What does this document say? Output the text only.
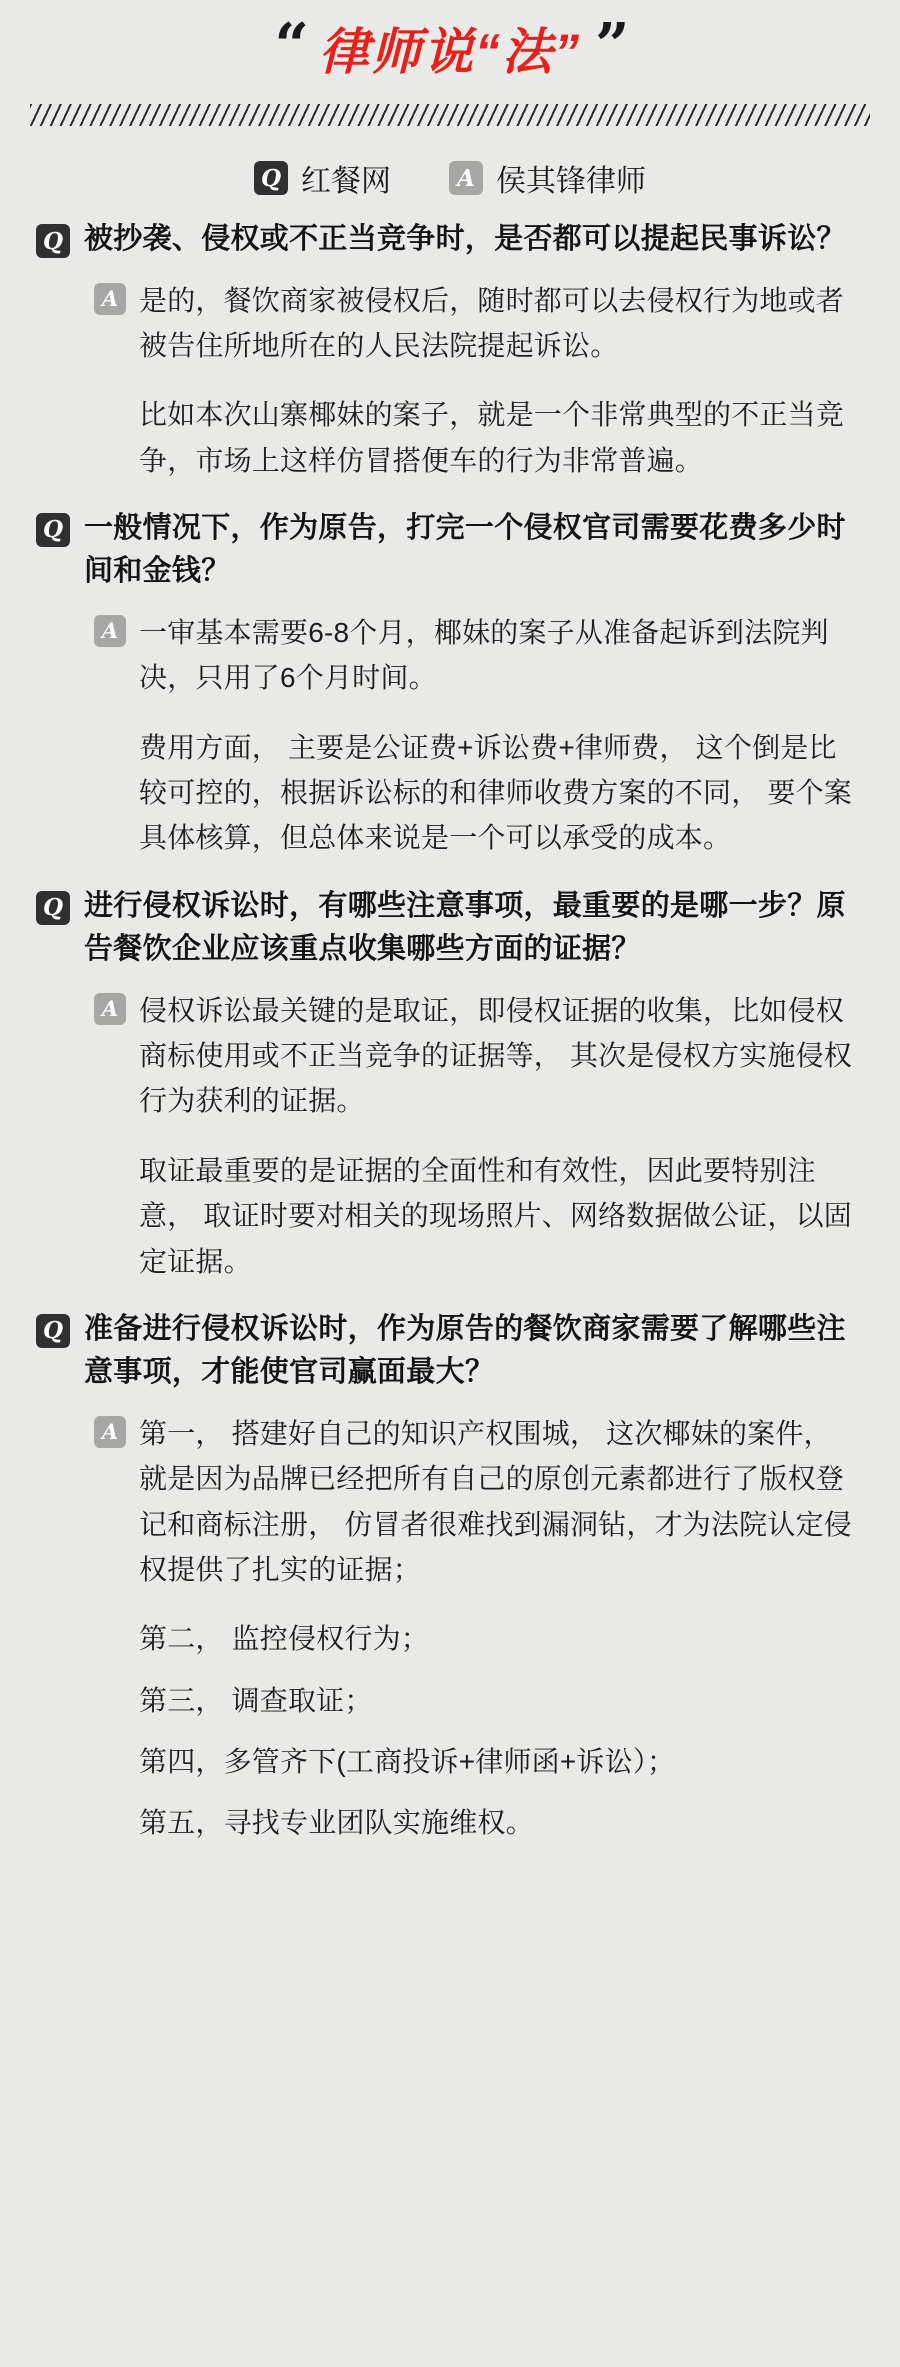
“ 律师说“法” ”
Q 红餐网	A 侯其锋律师
Q 被抄袭、侵权或不正当竞争时，是否都可以提起民事诉讼？
A 是的，餐饮商家被侵权后，随时都可以去侵权行为地或者被告住所地所在的人民法院提起诉讼。

比如本次山寨椰妹的案子，就是一个非常典型的不正当竞争，市场上这样仿冒搭便车的行为非常普遍。

Q 一般情况下，作为原告，打完一个侵权官司需要花费多少时间和金钱？
A 一审基本需要6-8个月，椰妹的案子从准备起诉到法院判决，只用了6个月时间。

费用方面， 主要是公证费+诉讼费+律师费， 这个倒是比较可控的，根据诉讼标的和律师收费方案的不同， 要个案具体核算，但总体来说是一个可以承受的成本。

Q 进行侵权诉讼时，有哪些注意事项，最重要的是哪一步？原告餐饮企业应该重点收集哪些方面的证据？
A 侵权诉讼最关键的是取证，即侵权证据的收集，比如侵权商标使用或不正当竞争的证据等， 其次是侵权方实施侵权行为获利的证据。

取证最重要的是证据的全面性和有效性，因此要特别注意， 取证时要对相关的现场照片、网络数据做公证，以固定证据。

Q 准备进行侵权诉讼时，作为原告的餐饮商家需要了解哪些注意事项，才能使官司赢面最大？
A 第一， 搭建好自己的知识产权围城， 这次椰妹的案件， 就是因为品牌已经把所有自己的原创元素都进行了版权登记和商标注册， 仿冒者很难找到漏洞钻，才为法院认定侵权提供了扎实的证据；

第二， 监控侵权行为；

第三， 调查取证；

第四，多管齐下(工商投诉+律师函+诉讼）；

第五，寻找专业团队实施维权。
